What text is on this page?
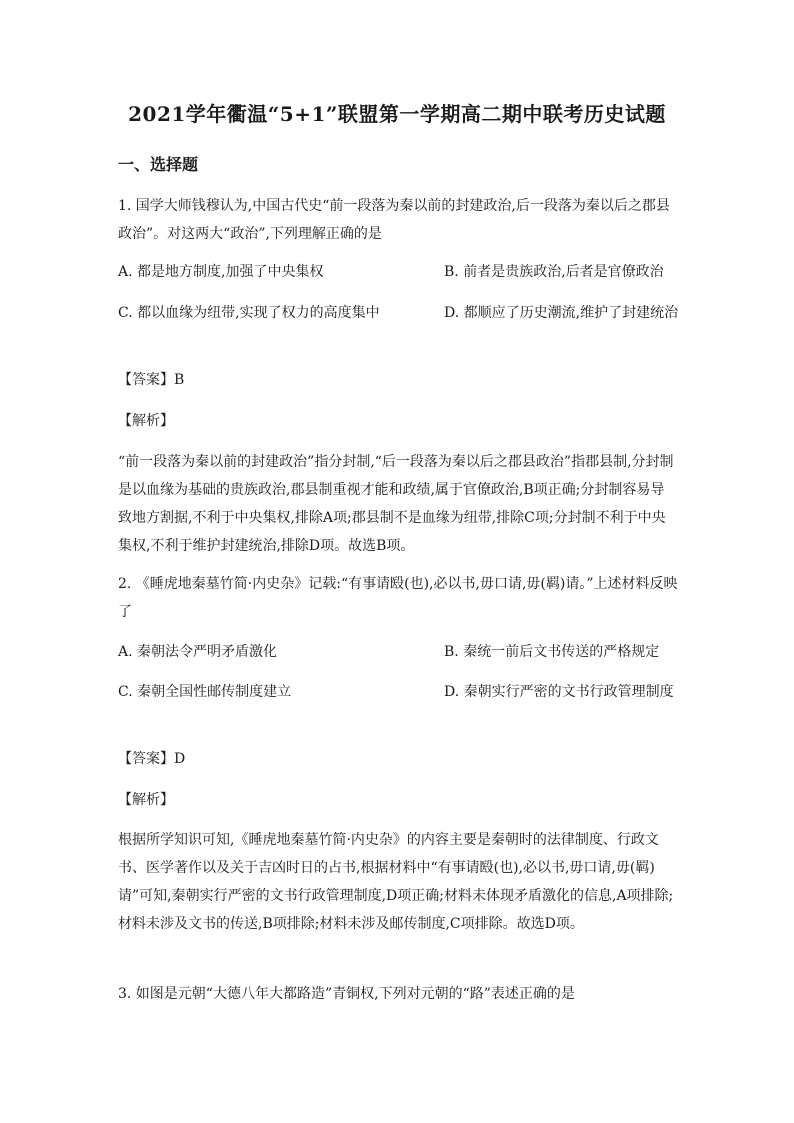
2021学年衢温“5+1”联盟第一学期高二期中联考历史试题
一、选择题
1. 国学大师钱穆认为,中国古代史“前一段落为秦以前的封建政治,后一段落为秦以后之郡县政治”。对这两大“政治”,下列理解正确的是
A. 都是地方制度,加强了中央集权	B. 前者是贵族政治,后者是官僚政治
C. 都以血缘为纽带,实现了权力的高度集中	D. 都顺应了历史潮流,维护了封建统治
【答案】B
【解析】
“前一段落为秦以前的封建政治”指分封制,“后一段落为秦以后之郡县政治”指郡县制,分封制是以血缘为基础的贵族政治,郡县制重视才能和政绩,属于官僚政治,B项正确;分封制容易导致地方割据,不利于中央集权,排除A项;郡县制不是血缘为纽带,排除C项;分封制不利于中央集权,不利于维护封建统治,排除D项。故选B项。
2. 《睡虎地秦墓竹简·内史杂》记载:“有事请殹(也),必以书,毋口请,毋(羁)请。”上述材料反映了
A. 秦朝法令严明矛盾激化	B. 秦统一前后文书传送的严格规定
C. 秦朝全国性邮传制度建立	D. 秦朝实行严密的文书行政管理制度
【答案】D
【解析】
根据所学知识可知,《睡虎地秦墓竹简·内史杂》的内容主要是秦朝时的法律制度、行政文书、医学著作以及关于吉凶时日的占书,根据材料中“有事请殹(也),必以书,毋口请,毋(羁)请”可知,秦朝实行严密的文书行政管理制度,D项正确;材料未体现矛盾激化的信息,A项排除;材料未涉及文书的传送,B项排除;材料未涉及邮传制度,C项排除。故选D项。
3. 如图是元朝“大德八年大都路造”青铜权,下列对元朝的“路”表述正确的是
